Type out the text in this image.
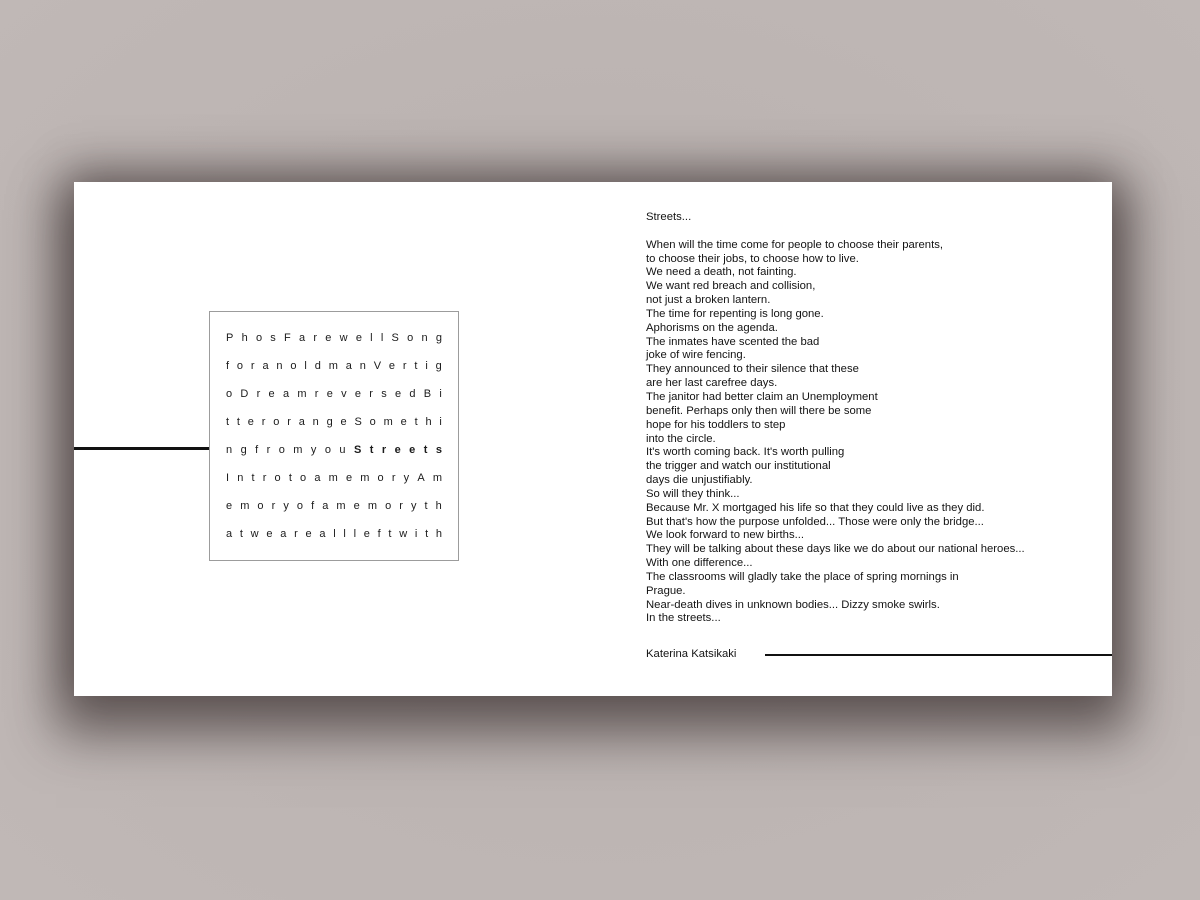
P h o s F a r e w e l l S o n g
f o r a n o l d m a n V e r t i g
o D r e a m r e v e r s e d B i
t t e r o r a n g e S o m e t h i
n g f r o m y o u S t r e e t s
I n t r o t o a m e m o r y A m
e m o r y o f a m e m o r y t h
a t w e a r e a l l l e f t w i t h
Streets...
When will the time come for people to choose their parents,
to choose their jobs, to choose how to live.
We need a death, not fainting.
We want red breach and collision,
not just a broken lantern.
The time for repenting is long gone.
Aphorisms on the agenda.
The inmates have scented the bad
joke of wire fencing.
They announced to their silence that these
are her last carefree days.
The janitor had better claim an Unemployment
benefit. Perhaps only then will there be some
hope for his toddlers to step
into the circle.
It's worth coming back. It's worth pulling
the trigger and watch our institutional
days die unjustifiably.
So will they think...
Because Mr. X mortgaged his life so that they could live as they did.
But that's how the purpose unfolded... Those were only the bridge...
We look forward to new births...
They will be talking about these days like we do about our national heroes...
With one difference...
The classrooms will gladly take the place of spring mornings in
Prague.
Near-death dives in unknown bodies... Dizzy smoke swirls.
In the streets...
Katerina Katsikaki
